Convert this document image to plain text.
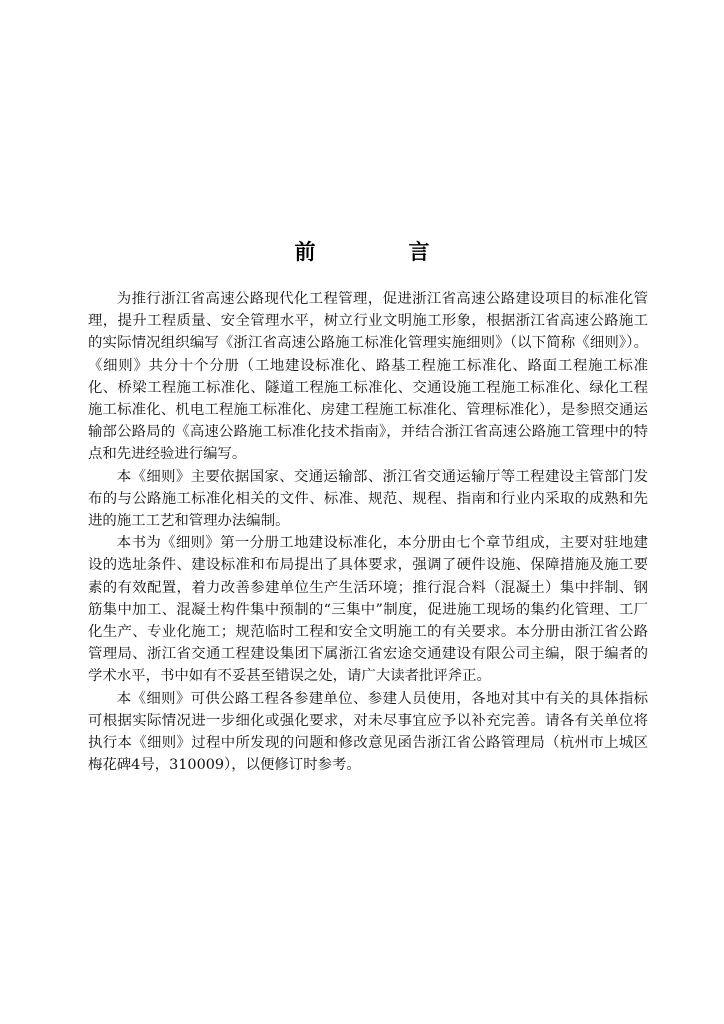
前　言

为推行浙江省高速公路现代化工程管理，促进浙江省高速公路建设项目的标准化管理，提升工程质量、安全管理水平，树立行业文明施工形象，根据浙江省高速公路施工的实际情况组织编写《浙江省高速公路施工标准化管理实施细则》（以下简称《细则》）。《细则》共分十个分册（工地建设标准化、路基工程施工标准化、路面工程施工标准化、桥梁工程施工标准化、隧道工程施工标准化、交通设施工程施工标准化、绿化工程施工标准化、机电工程施工标准化、房建工程施工标准化、管理标准化），是参照交通运输部公路局的《高速公路施工标准化技术指南》，并结合浙江省高速公路施工管理中的特点和先进经验进行编写。

本《细则》主要依据国家、交通运输部、浙江省交通运输厅等工程建设主管部门发布的与公路施工标准化相关的文件、标准、规范、规程、指南和行业内采取的成熟和先进的施工工艺和管理办法编制。

本书为《细则》第一分册工地建设标准化，本分册由七个章节组成，主要对驻地建设的选址条件、建设标准和布局提出了具体要求，强调了硬件设施、保障措施及施工要素的有效配置，着力改善参建单位生产生活环境；推行混合料（混凝土）集中拌制、钢筋集中加工、混凝土构件集中预制的“三集中”制度，促进施工现场的集约化管理、工厂化生产、专业化施工；规范临时工程和安全文明施工的有关要求。本分册由浙江省公路管理局、浙江省交通工程建设集团下属浙江省宏途交通建设有限公司主编，限于编者的学术水平，书中如有不妥甚至错误之处，请广大读者批评斧正。

本《细则》可供公路工程各参建单位、参建人员使用，各地对其中有关的具体指标可根据实际情况进一步细化或强化要求，对未尽事宜应予以补充完善。请各有关单位将执行本《细则》过程中所发现的问题和修改意见函告浙江省公路管理局（杭州市上城区梅花碑4号，310009），以便修订时参考。
